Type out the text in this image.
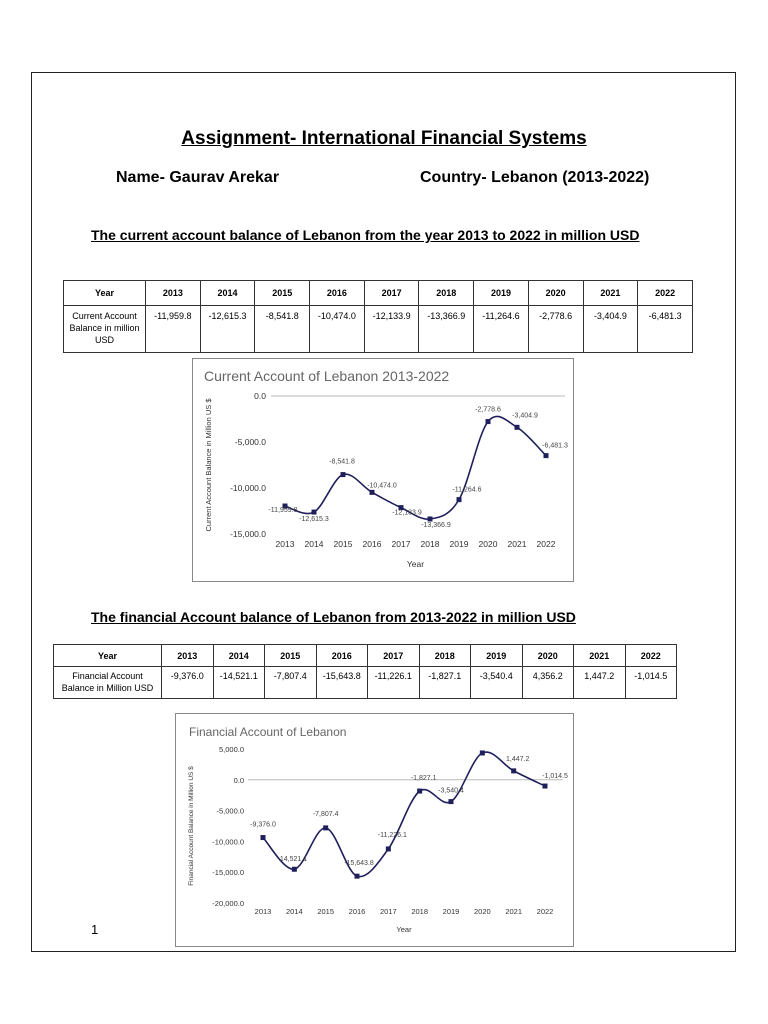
Assignment- International Financial Systems
Name- Gaurav Arekar	Country- Lebanon (2013-2022)
The current account balance of Lebanon from the year 2013 to 2022 in million USD
Year	2013	2014	2015	2016	2017	2018	2019	2020	2021	2022
Current Account Balance in million USD	-11,959.8	-12,615.3	-8,541.8	-10,474.0	-12,133.9	-13,366.9	-11,264.6	-2,778.6	-3,404.9	-6,481.3
Current Account of Lebanon 2013-2022
0.0
-5,000.0
-10,000.0
-15,000.0
2013 2014 2015 2016 2017 2018 2019 2020 2021 2022
Current Account Balance in Million US $
Year
-11,959.8
-12,615.3
-8,541.8
-10,474.0
-12,133.9
-13,366.9
-11,264.6
-2,778.6
-3,404.9
-6,481.3
The financial Account balance of Lebanon from 2013-2022 in million USD
Year	2013	2014	2015	2016	2017	2018	2019	2020	2021	2022
Financial Account Balance in Million USD	-9,376.0	-14,521.1	-7,807.4	-15,643.8	-11,226.1	-1,827.1	-3,540.4	4,356.2	1,447.2	-1,014.5
Financial Account of Lebanon
5,000.0
0.0
-5,000.0
-10,000.0
-15,000.0
-20,000.0
2013 2014 2015 2016 2017 2018 2019 2020 2021 2022
Financial Account Balance in Million US $
Year
-9,376.0
-14,521.1
-7,807.4
-15,643.8
-11,226.1
-1,827.1
-3,540.4
1,447.2
-1,014.5
1
